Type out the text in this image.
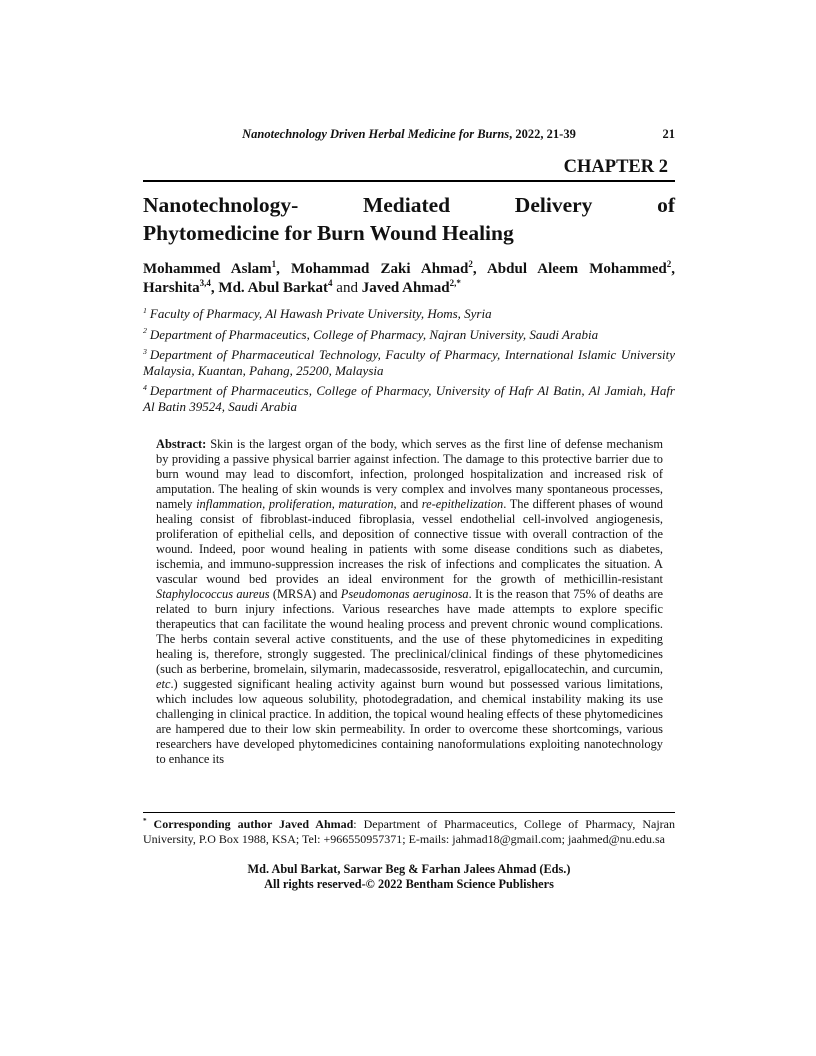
Nanotechnology Driven Herbal Medicine for Burns, 2022, 21-39	21
CHAPTER 2
Nanotechnology- Mediated Delivery of
Phytomedicine for Burn Wound Healing
Mohammed Aslam$^1$, Mohammad Zaki Ahmad$^2$, Abdul Aleem Mohammed$^2$,
Harshita$^{3,4}$, Md. Abul Barkat$^4$ and Javed Ahmad$^{2,*}$

$^1$ Faculty of Pharmacy, Al Hawash Private University, Homs, Syria

$^2$ Department of Pharmaceutics, College of Pharmacy, Najran University, Saudi Arabia

$^3$ Department of Pharmaceutical Technology, Faculty of Pharmacy, International Islamic University Malaysia, Kuantan, Pahang, 25200, Malaysia

$^4$ Department of Pharmaceutics, College of Pharmacy, University of Hafr Al Batin, Al Jamiah, Hafr Al Batin 39524, Saudi Arabia

Abstract: Skin is the largest organ of the body, which serves as the first line of defense mechanism by providing a passive physical barrier against infection. The damage to this protective barrier due to burn wound may lead to discomfort, infection, prolonged hospitalization and increased risk of amputation. The healing of skin wounds is very complex and involves many spontaneous processes, namely inflammation, proliferation, maturation, and re-epithelization. The different phases of wound healing consist of fibroblast-induced fibroplasia, vessel endothelial cell-involved angiogenesis, proliferation of epithelial cells, and deposition of connective tissue with overall contraction of the wound. Indeed, poor wound healing in patients with some disease conditions such as diabetes, ischemia, and immuno-suppression increases the risk of infections and complicates the situation. A vascular wound bed provides an ideal environment for the growth of methicillin-resistant Staphylococcus aureus (MRSA) and Pseudomonas aeruginosa. It is the reason that 75% of deaths are related to burn injury infections. Various researches have made attempts to explore specific therapeutics that can facilitate the wound healing process and prevent chronic wound complications. The herbs contain several active constituents, and the use of these phytomedicines in expediting healing is, therefore, strongly suggested. The preclinical/clinical findings of these phytomedicines (such as berberine, bromelain, silymarin, madecassoside, resveratrol, epigallocatechin, and curcumin, etc.) suggested significant healing activity against burn wound but possessed various limitations, which includes low aqueous solubility, photodegradation, and chemical instability making its use challenging in clinical practice. In addition, the topical wound healing effects of these phytomedicines are hampered due to their low skin permeability. In order to overcome these shortcomings, various researchers have developed phytomedicines containing nanoformulations exploiting nanotechnology to enhance its
* Corresponding author Javed Ahmad: Department of Pharmaceutics, College of Pharmacy, Najran University, P.O Box 1988, KSA; Tel: +966550957371; E-mails: jahmad18@gmail.com; jaahmed@nu.edu.sa
Md. Abul Barkat, Sarwar Beg & Farhan Jalees Ahmad (Eds.)
All rights reserved-© 2022 Bentham Science Publishers
